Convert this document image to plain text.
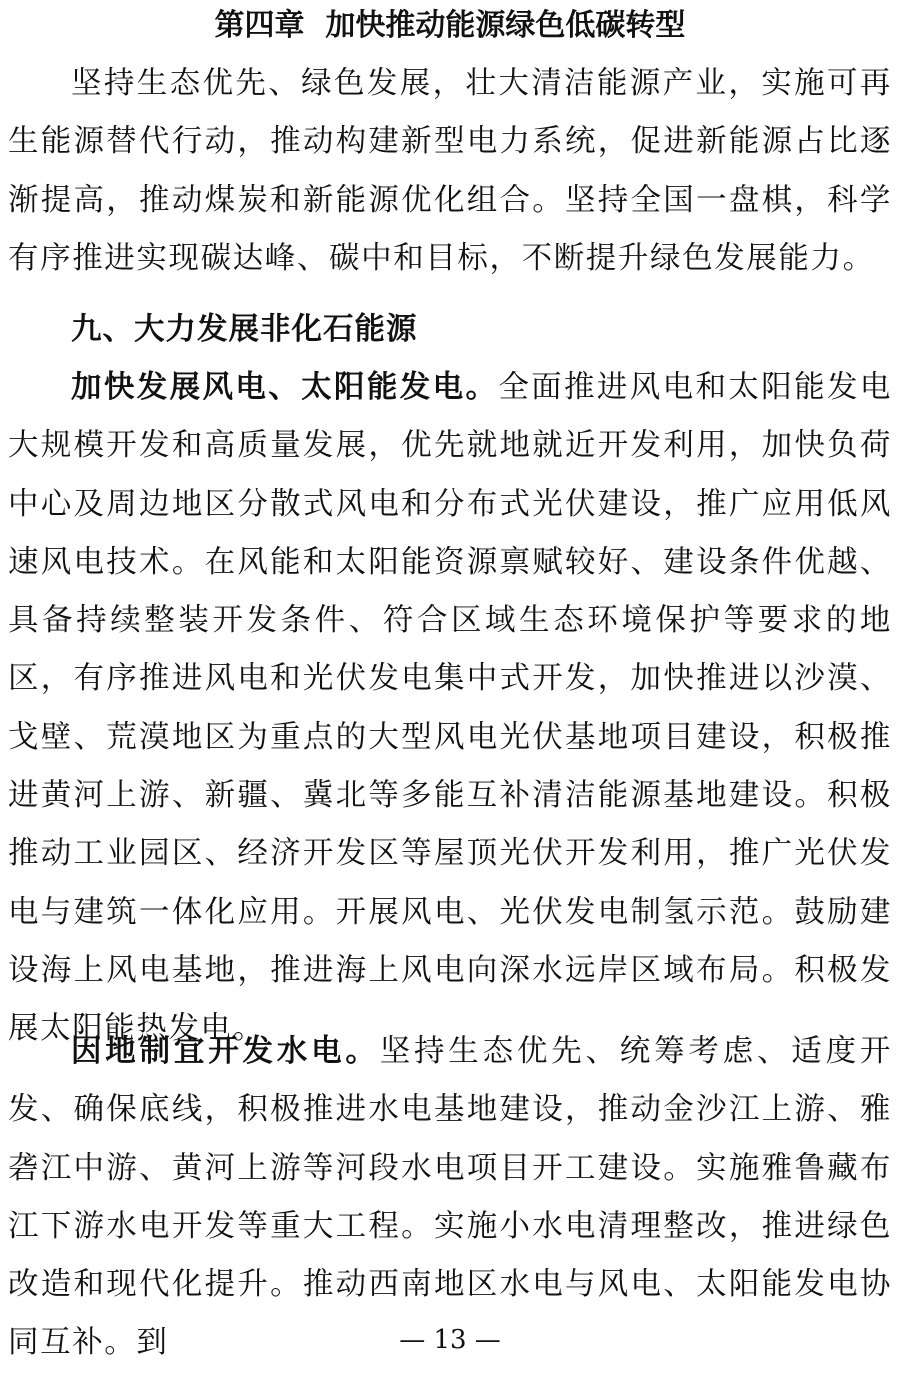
第四章  加快推动能源绿色低碳转型

坚持生态优先、绿色发展，壮大清洁能源产业，实施可再生能源替代行动，推动构建新型电力系统，促进新能源占比逐渐提高，推动煤炭和新能源优化组合。坚持全国一盘棋，科学有序推进实现碳达峰、碳中和目标，不断提升绿色发展能力。

九、大力发展非化石能源

加快发展风电、太阳能发电。全面推进风电和太阳能发电大规模开发和高质量发展，优先就地就近开发利用，加快负荷中心及周边地区分散式风电和分布式光伏建设，推广应用低风速风电技术。在风能和太阳能资源禀赋较好、建设条件优越、具备持续整装开发条件、符合区域生态环境保护等要求的地区，有序推进风电和光伏发电集中式开发，加快推进以沙漠、戈壁、荒漠地区为重点的大型风电光伏基地项目建设，积极推进黄河上游、新疆、冀北等多能互补清洁能源基地建设。积极推动工业园区、经济开发区等屋顶光伏开发利用，推广光伏发电与建筑一体化应用。开展风电、光伏发电制氢示范。鼓励建设海上风电基地，推进海上风电向深水远岸区域布局。积极发展太阳能热发电。

因地制宜开发水电。坚持生态优先、统筹考虑、适度开发、确保底线，积极推进水电基地建设，推动金沙江上游、雅砻江中游、黄河上游等河段水电项目开工建设。实施雅鲁藏布江下游水电开发等重大工程。实施小水电清理整改，推进绿色改造和现代化提升。推动西南地区水电与风电、太阳能发电协同互补。到	— 13 —
